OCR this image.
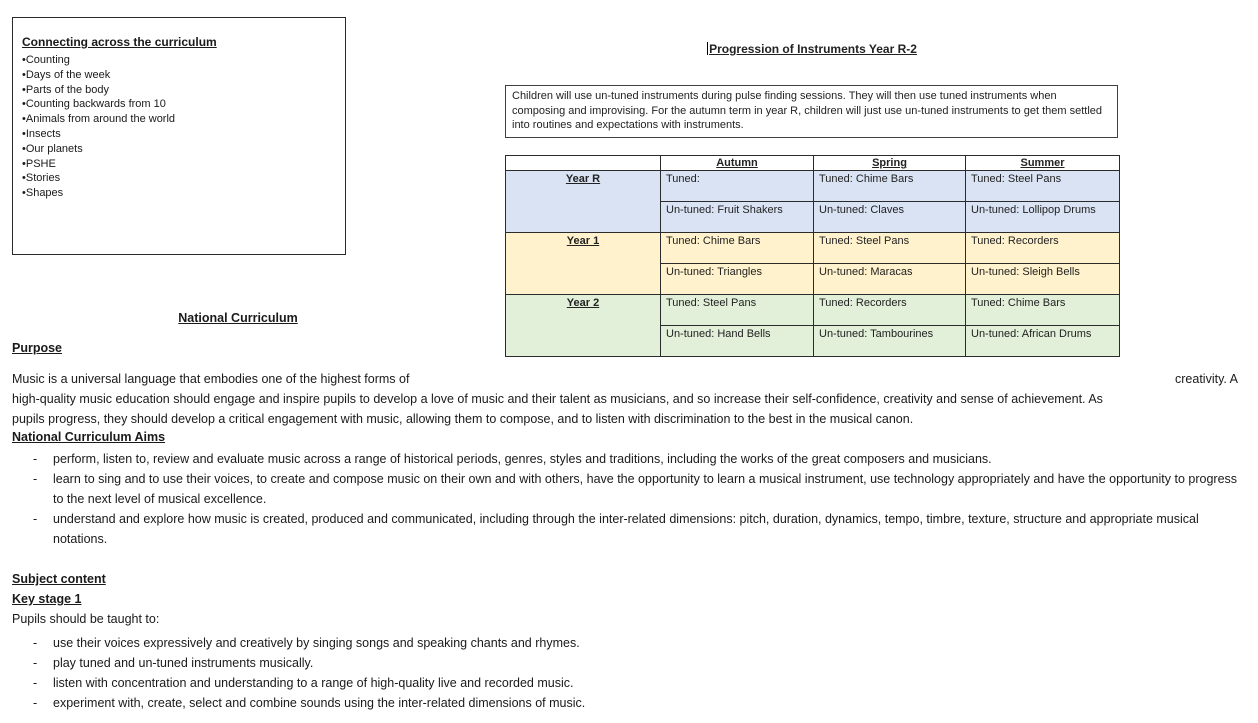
Connecting across the curriculum
• Counting
• Days of the week
• Parts of the body
• Counting backwards from 10
• Animals from around the world
• Insects
• Our planets
• PSHE
• Stories
• Shapes
Progression of Instruments Year R-2
Children will use un-tuned instruments during pulse finding sessions. They will then use tuned instruments when composing and improvising. For the autumn term in year R, children will just use un-tuned instruments to get them settled into routines and expectations with instruments.
	Autumn	Spring	Summer
Year R	Tuned:	Tuned: Chime Bars	Tuned: Steel Pans
	Un-tuned: Fruit Shakers	Un-tuned: Claves	Un-tuned: Lollipop Drums
Year 1	Tuned: Chime Bars	Tuned: Steel Pans	Tuned: Recorders
	Un-tuned: Triangles	Un-tuned: Maracas	Un-tuned: Sleigh Bells
Year 2	Tuned: Steel Pans	Tuned: Recorders	Tuned: Chime Bars
	Un-tuned: Hand Bells	Un-tuned: Tambourines	Un-tuned: African Drums
National Curriculum
Purpose
Music is a universal language that embodies one of the highest forms of	creativity. A
high-quality music education should engage and inspire pupils to develop a love of music and their talent as musicians, and so increase their self-confidence, creativity and sense of achievement. As
pupils progress, they should develop a critical engagement with music, allowing them to compose, and to listen with discrimination to the best in the musical canon.
National Curriculum Aims
- perform, listen to, review and evaluate music across a range of historical periods, genres, styles and traditions, including the works of the great composers and musicians.
- learn to sing and to use their voices, to create and compose music on their own and with others, have the opportunity to learn a musical instrument, use technology appropriately and have the opportunity to progress to the next level of musical excellence.
- understand and explore how music is created, produced and communicated, including through the inter-related dimensions: pitch, duration, dynamics, tempo, timbre, texture, structure and appropriate musical notations.
Subject content
Key stage 1
Pupils should be taught to:
- use their voices expressively and creatively by singing songs and speaking chants and rhymes.
- play tuned and un-tuned instruments musically.
- listen with concentration and understanding to a range of high-quality live and recorded music.
- experiment with, create, select and combine sounds using the inter-related dimensions of music.
